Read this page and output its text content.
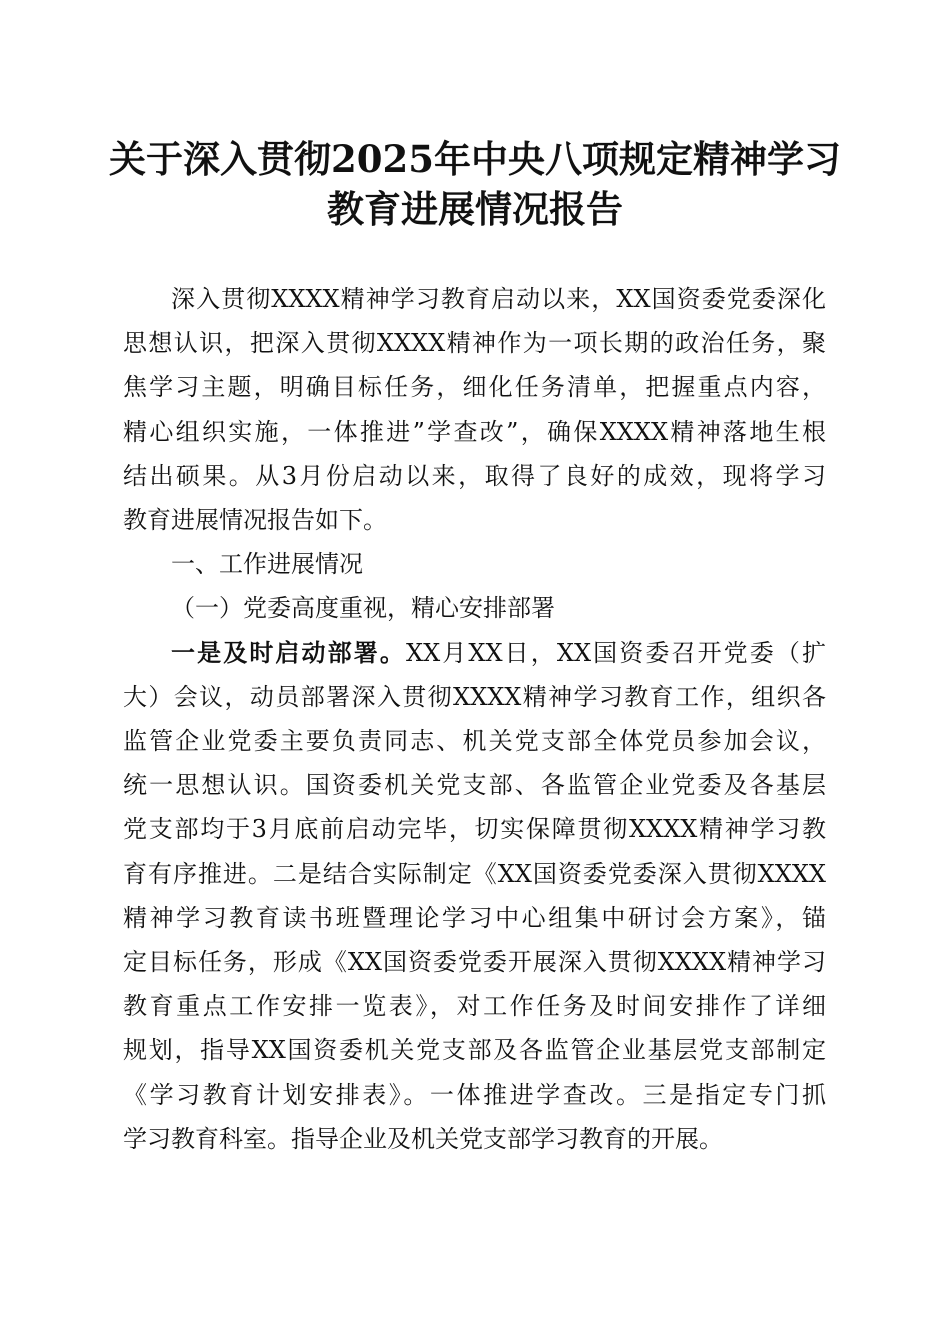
关于深入贯彻2025年中央八项规定精神学习
教育进展情况报告

深入贯彻XXXX精神学习教育启动以来，XX国资委党委深化
思想认识，把深入贯彻XXXX精神作为一项长期的政治任务，聚
焦学习主题，明确目标任务，细化任务清单，把握重点内容，
精心组织实施，一体推进”学查改”，确保XXXX精神落地生根
结出硕果。从3月份启动以来，取得了良好的成效，现将学习
教育进展情况报告如下。

一、工作进展情况

（一）党委高度重视，精心安排部署

一是及时启动部署。XX月XX日，XX国资委召开党委（扩
大）会议，动员部署深入贯彻XXXX精神学习教育工作，组织各
监管企业党委主要负责同志、机关党支部全体党员参加会议，
统一思想认识。国资委机关党支部、各监管企业党委及各基层
党支部均于3月底前启动完毕，切实保障贯彻XXXX精神学习教
育有序推进。二是结合实际制定《XX国资委党委深入贯彻XXXX
精神学习教育读书班暨理论学习中心组集中研讨会方案》，锚
定目标任务，形成《XX国资委党委开展深入贯彻XXXX精神学习
教育重点工作安排一览表》，对工作任务及时间安排作了详细
规划，指导XX国资委机关党支部及各监管企业基层党支部制定
《学习教育计划安排表》。一体推进学查改。三是指定专门抓
学习教育科室。指导企业及机关党支部学习教育的开展。
